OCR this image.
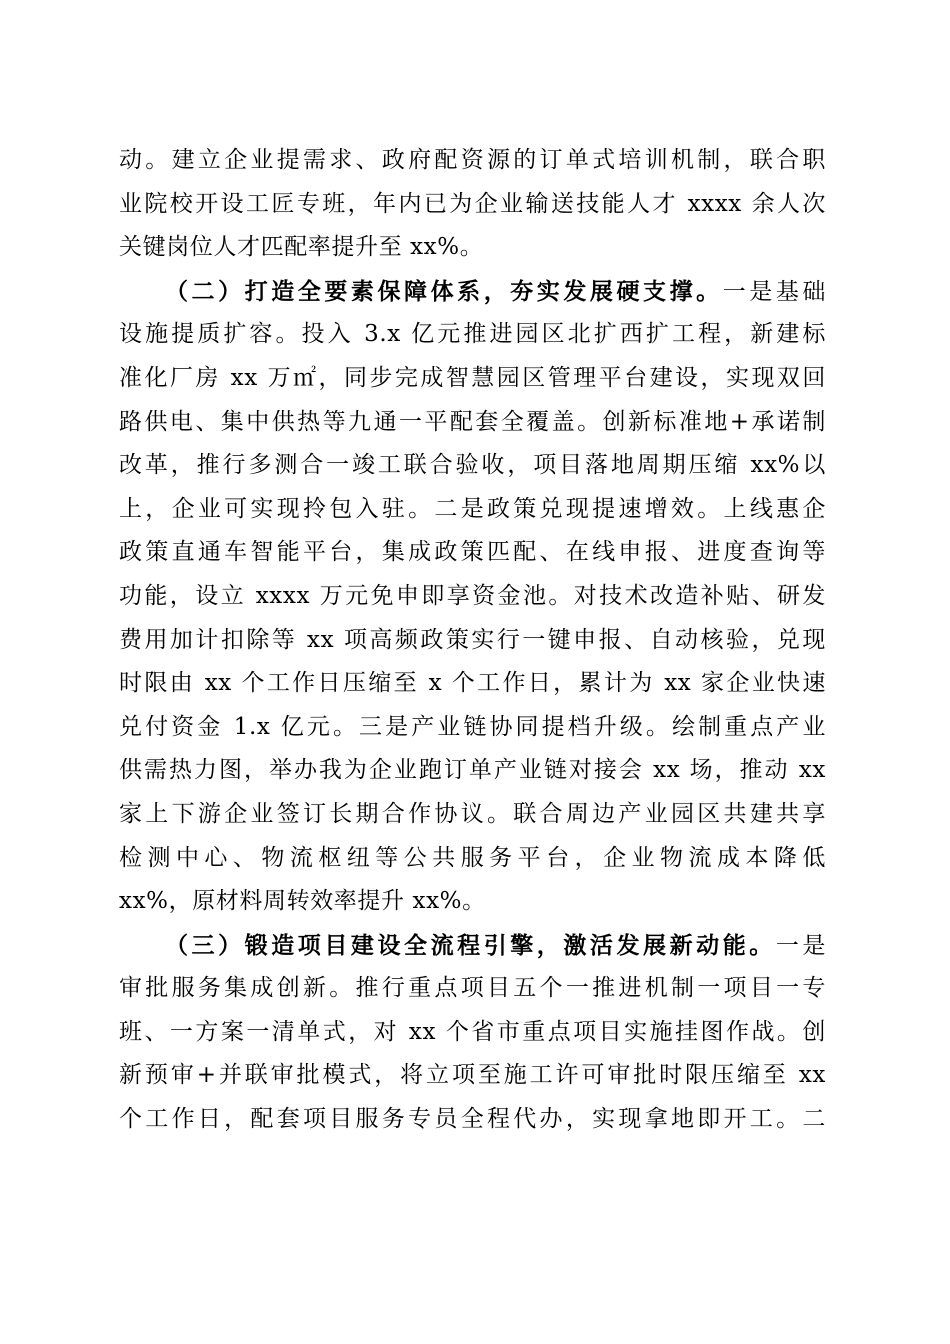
动。建立企业提需求、政府配资源的订单式培训机制，联合职
业院校开设工匠专班，年内已为企业输送技能人才 xxxx 余人次
关键岗位人才匹配率提升至 xx%。
（二）打造全要素保障体系，夯实发展硬支撑。一是基础
设施提质扩容。投入 3.x 亿元推进园区北扩西扩工程，新建标
准化厂房 xx 万㎡，同步完成智慧园区管理平台建设，实现双回
路供电、集中供热等九通一平配套全覆盖。创新标准地+承诺制
改革，推行多测合一竣工联合验收，项目落地周期压缩 xx%以
上，企业可实现拎包入驻。二是政策兑现提速增效。上线惠企
政策直通车智能平台，集成政策匹配、在线申报、进度查询等
功能，设立 xxxx 万元免申即享资金池。对技术改造补贴、研发
费用加计扣除等 xx 项高频政策实行一键申报、自动核验，兑现
时限由 xx 个工作日压缩至 x 个工作日，累计为 xx 家企业快速
兑付资金 1.x 亿元。三是产业链协同提档升级。绘制重点产业
供需热力图，举办我为企业跑订单产业链对接会 xx 场，推动 xx
家上下游企业签订长期合作协议。联合周边产业园区共建共享
检测中心、物流枢纽等公共服务平台，企业物流成本降低
xx%，原材料周转效率提升 xx%。
（三）锻造项目建设全流程引擎，激活发展新动能。一是
审批服务集成创新。推行重点项目五个一推进机制一项目一专
班、一方案一清单式，对 xx 个省市重点项目实施挂图作战。创
新预审+并联审批模式，将立项至施工许可审批时限压缩至 xx
个工作日，配套项目服务专员全程代办，实现拿地即开工。二
